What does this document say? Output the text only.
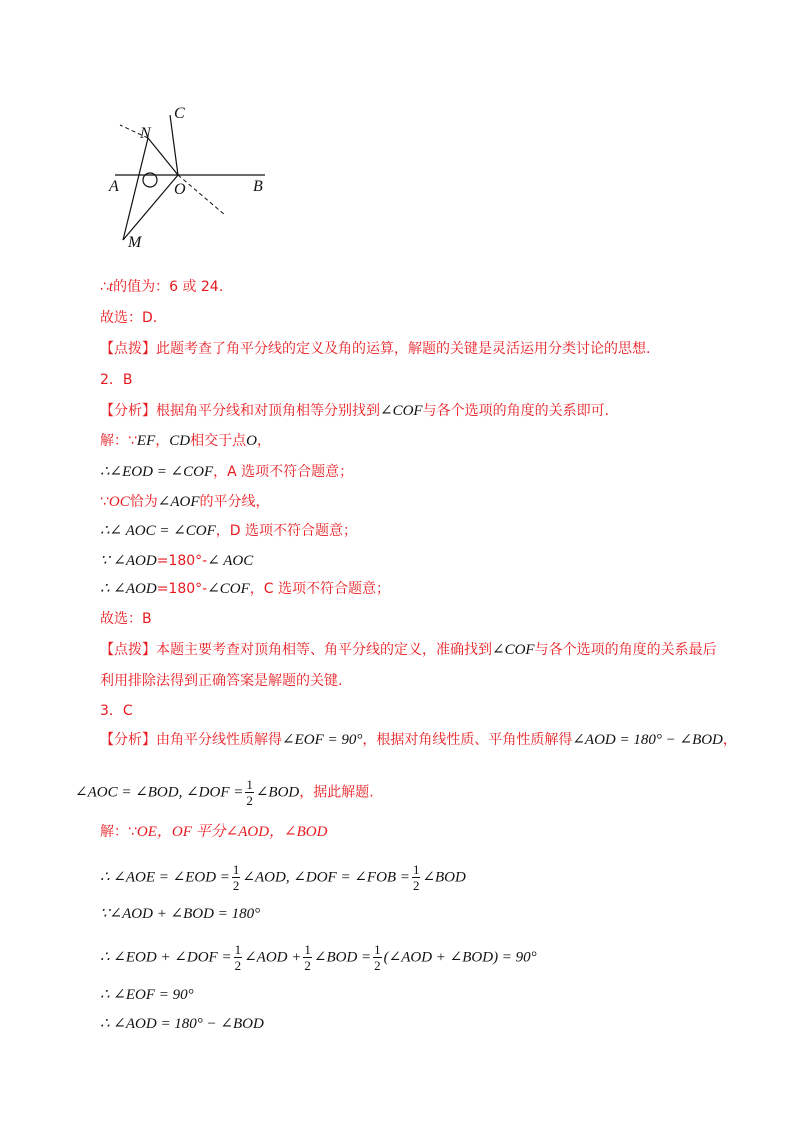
N
C
A	O	B
M
∴t的值为：6 或 24.
故选：D.
【点拨】此题考查了角平分线的定义及角的运算，解题的关键是灵活运用分类讨论的思想.
2．B
【分析】根据角平分线和对顶角相等分别找到∠COF与各个选项的角度的关系即可.
解：∵EF，CD相交于点O，
∴∠EOD = ∠COF，A 选项不符合题意；
∵OC恰为∠AOF的平分线，
∴∠ AOC = ∠COF，D 选项不符合题意；
∵ ∠AOD=180°-∠ AOC
∴ ∠AOD=180°-∠COF，C 选项不符合题意；
故选：B
【点拨】本题主要考查对顶角相等、角平分线的定义，准确找到∠COF与各个选项的角度的关系最后
利用排除法得到正确答案是解题的关键.
3．C
【分析】由角平分线性质解得∠EOF = 90°，根据对角线性质、平角性质解得∠AOD = 180° − ∠BOD，
∠AOC = ∠BOD, ∠DOF = $\frac{1}{2}$ ∠BOD，据此解题.
解：∵OE，OF 平分∠AOD，∠BOD
∴ ∠AOE = ∠EOD = $\frac{1}{2}$ ∠AOD, ∠DOF = ∠FOB = $\frac{1}{2}$ ∠BOD
∵∠AOD + ∠BOD = 180°
∴ ∠EOD + ∠DOF = $\frac{1}{2}$ ∠AOD + $\frac{1}{2}$ ∠BOD = $\frac{1}{2}$ (∠AOD + ∠BOD) = 90°
∴ ∠EOF = 90°
∴ ∠AOD = 180° − ∠BOD
